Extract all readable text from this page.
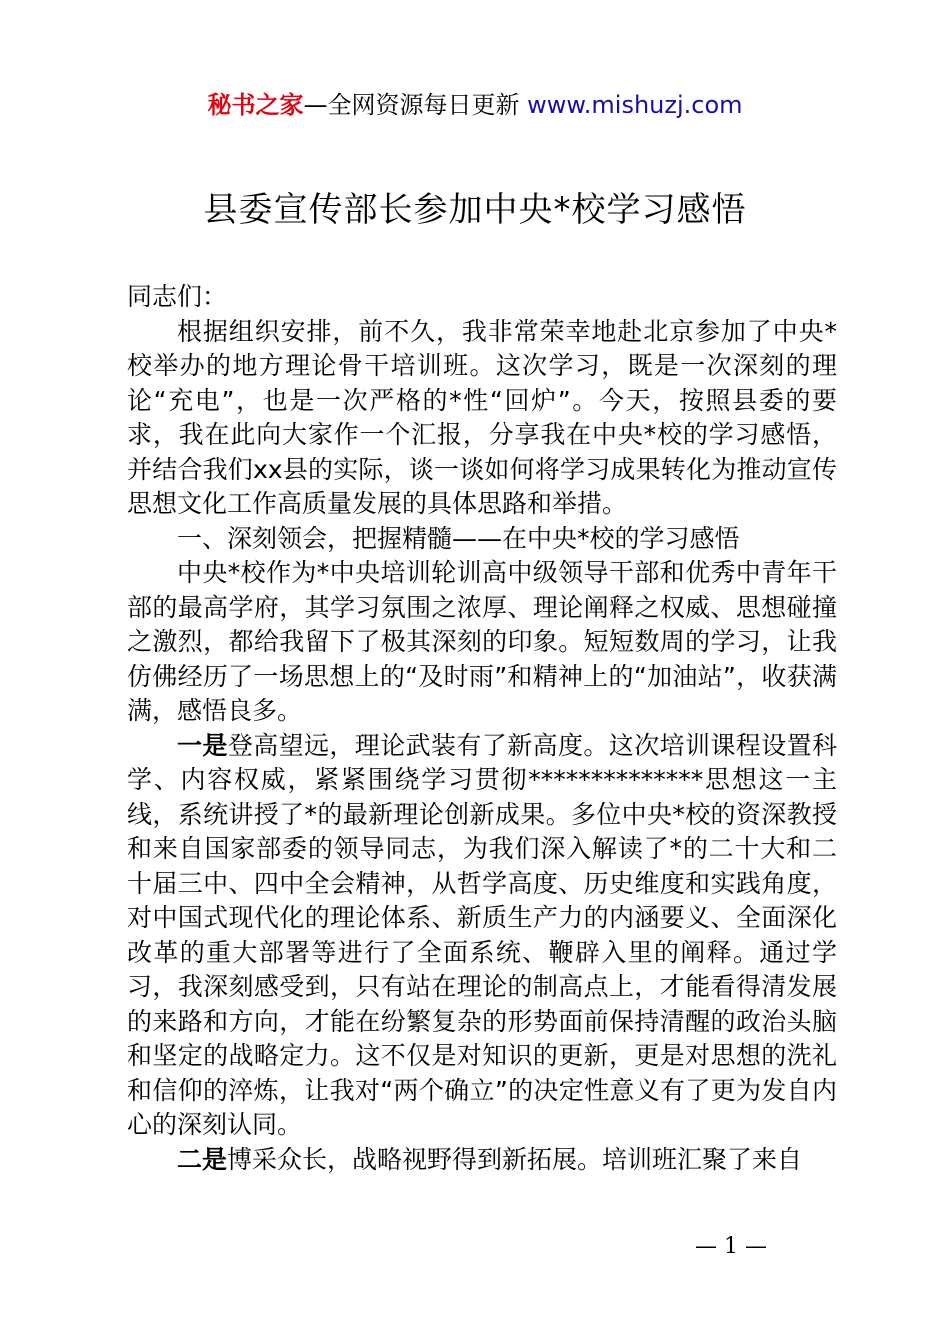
秘书之家—全网资源每日更新 www.mishuzj.com
县委宣传部长参加中央*校学习感悟

同志们：

根据组织安排，前不久，我非常荣幸地赴北京参加了中央*校举办的地方理论骨干培训班。这次学习，既是一次深刻的理论“充电”，也是一次严格的*性“回炉”。今天，按照县委的要求，我在此向大家作一个汇报，分享我在中央*校的学习感悟，并结合我们xx县的实际，谈一谈如何将学习成果转化为推动宣传思想文化工作高质量发展的具体思路和举措。

一、深刻领会，把握精髓——在中央*校的学习感悟

中央*校作为*中央培训轮训高中级领导干部和优秀中青年干部的最高学府，其学习氛围之浓厚、理论阐释之权威、思想碰撞之激烈，都给我留下了极其深刻的印象。短短数周的学习，让我仿佛经历了一场思想上的“及时雨”和精神上的“加油站”，收获满满，感悟良多。

一是登高望远，理论武装有了新高度。这次培训课程设置科学、内容权威，紧紧围绕学习贯彻**************思想这一主线，系统讲授了*的最新理论创新成果。多位中央*校的资深教授和来自国家部委的领导同志，为我们深入解读了*的二十大和二十届三中、四中全会精神，从哲学高度、历史维度和实践角度，对中国式现代化的理论体系、新质生产力的内涵要义、全面深化改革的重大部署等进行了全面系统、鞭辟入里的阐释。通过学习，我深刻感受到，只有站在理论的制高点上，才能看得清发展的来路和方向，才能在纷繁复杂的形势面前保持清醒的政治头脑和坚定的战略定力。这不仅是对知识的更新，更是对思想的洗礼和信仰的淬炼，让我对“两个确立”的决定性意义有了更为发自内心的深刻认同。

二是博采众长，战略视野得到新拓展。培训班汇聚了来自

— 1 —
